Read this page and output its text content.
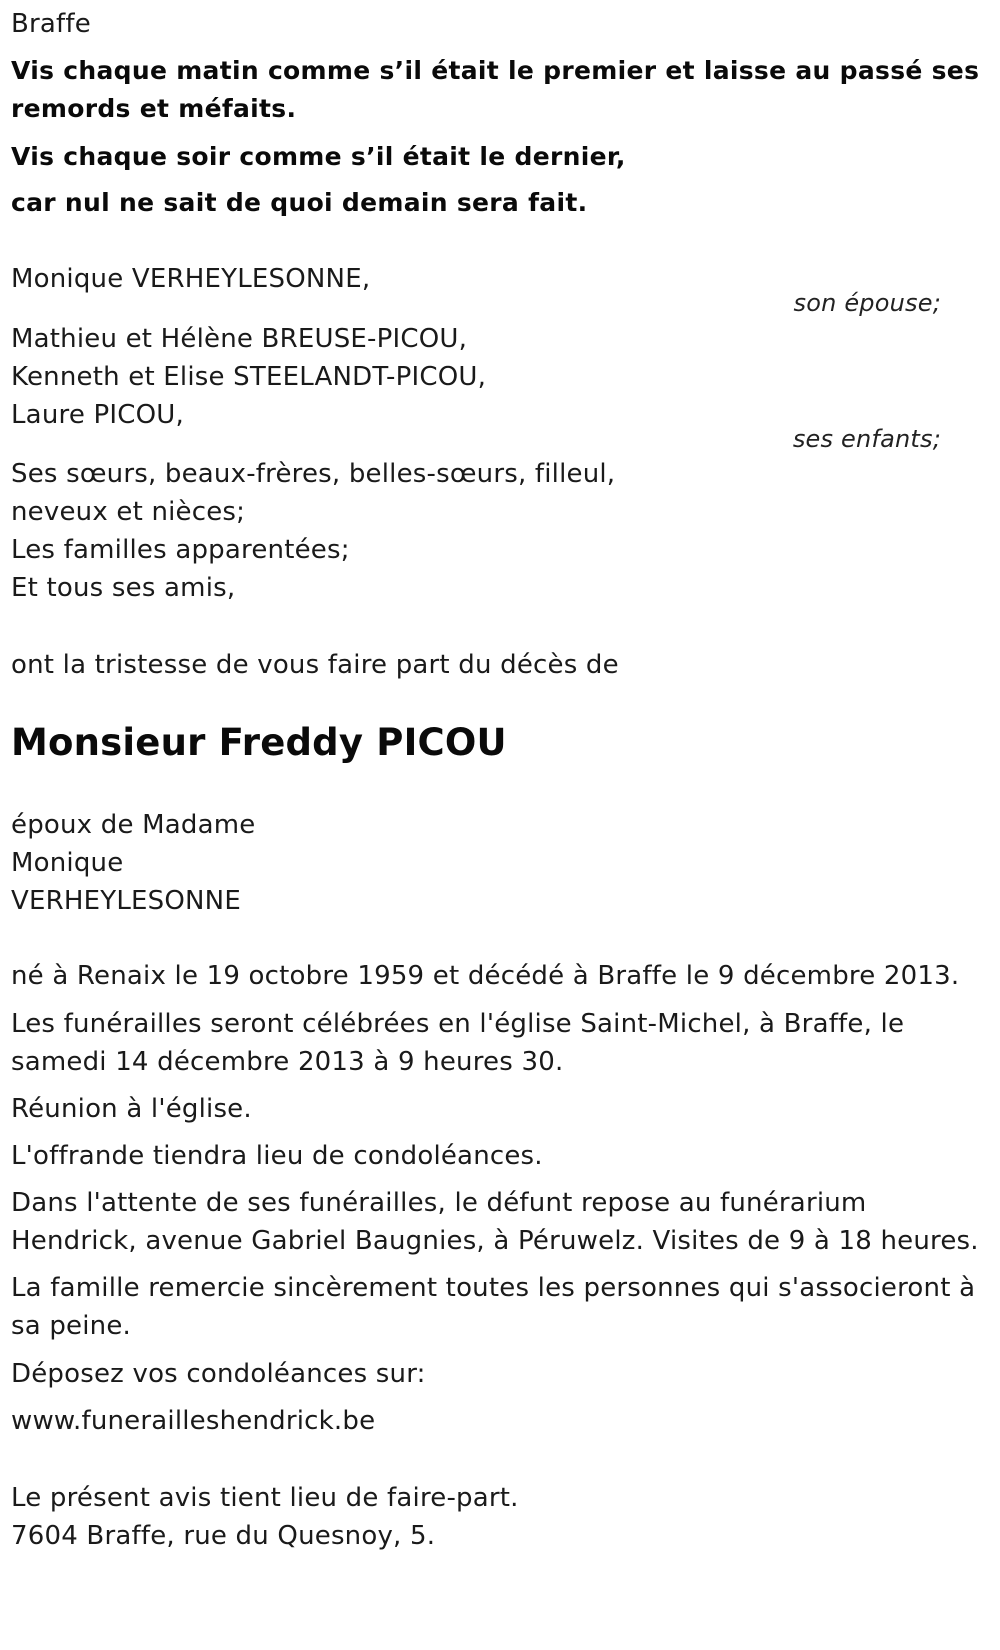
Braffe
Vis chaque matin comme s’il était le premier et laisse au passé ses
remords et méfaits.
Vis chaque soir comme s’il était le dernier,
car nul ne sait de quoi demain sera fait.
Monique VERHEYLESONNE,
son épouse;
Mathieu et Hélène BREUSE-PICOU,
Kenneth et Elise STEELANDT-PICOU,
Laure PICOU,
ses enfants;
Ses sœurs, beaux-frères, belles-sœurs, filleul,
neveux et nièces;
Les familles apparentées;
Et tous ses amis,
ont la tristesse de vous faire part du décès de
Monsieur Freddy PICOU
époux de Madame
Monique
VERHEYLESONNE
né à Renaix le 19 octobre 1959 et décédé à Braffe le 9 décembre 2013.
Les funérailles seront célébrées en l'église Saint-Michel, à Braffe, le
samedi 14 décembre 2013 à 9 heures 30.
Réunion à l'église.
L'offrande tiendra lieu de condoléances.
Dans l'attente de ses funérailles, le défunt repose au funérarium
Hendrick, avenue Gabriel Baugnies, à Péruwelz. Visites de 9 à 18 heures.
La famille remercie sincèrement toutes les personnes qui s'associeront à
sa peine.
Déposez vos condoléances sur:
www.funerailleshendrick.be
Le présent avis tient lieu de faire-part.
7604 Braffe, rue du Quesnoy, 5.
